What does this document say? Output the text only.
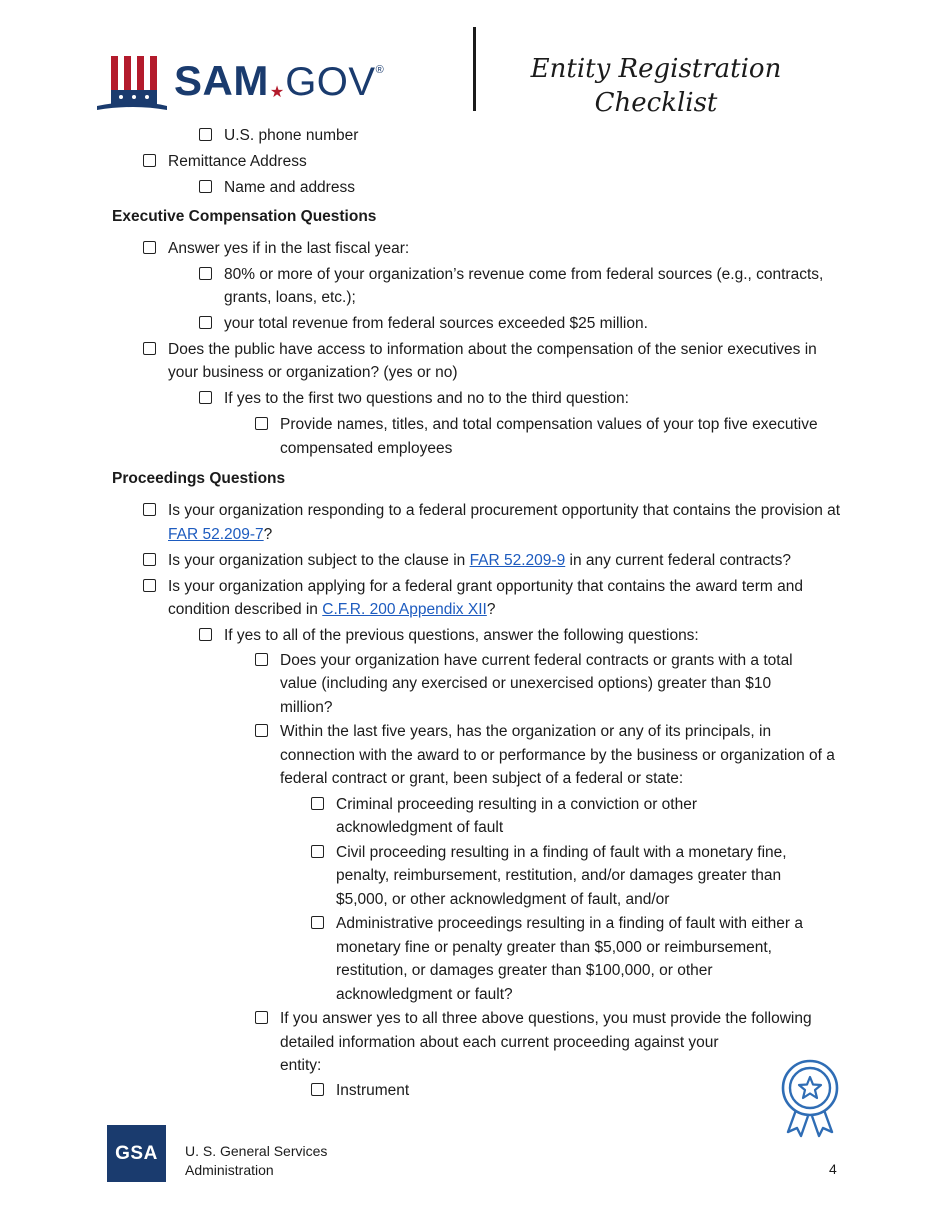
SAM★GOV®	Entity Registration
Checklist
U.S. phone number
Remittance Address
Name and address
Executive Compensation Questions
Answer yes if in the last fiscal year:
80% or more of your organization’s revenue come from federal sources (e.g., contracts, grants, loans, etc.);
your total revenue from federal sources exceeded $25 million.
Does the public have access to information about the compensation of the senior executives in your business or organization? (yes or no)
If yes to the first two questions and no to the third question:
Provide names, titles, and total compensation values of your top five executive compensated employees
Proceedings Questions
Is your organization responding to a federal procurement opportunity that contains the provision at FAR 52.209-7?
Is your organization subject to the clause in FAR 52.209-9 in any current federal contracts?
Is your organization applying for a federal grant opportunity that contains the award term and condition described in C.F.R. 200 Appendix XII?
If yes to all of the previous questions, answer the following questions:
Does your organization have current federal contracts or grants with a total value (including any exercised or unexercised options) greater than $10 million?
Within the last five years, has the organization or any of its principals, in connection with the award to or performance by the business or organization of a federal contract or grant, been subject of a federal or state:
Criminal proceeding resulting in a conviction or other acknowledgment of fault
Civil proceeding resulting in a finding of fault with a monetary fine, penalty, reimbursement, restitution, and/or damages greater than $5,000, or other acknowledgment of fault, and/or
Administrative proceedings resulting in a finding of fault with either a monetary fine or penalty greater than $5,000 or reimbursement, restitution, or damages greater than $100,000, or other acknowledgment or fault?
If you answer yes to all three above questions, you must provide the following detailed information about each current proceeding against your
entity:
Instrument
GSA U. S. General Services
Administration	4
